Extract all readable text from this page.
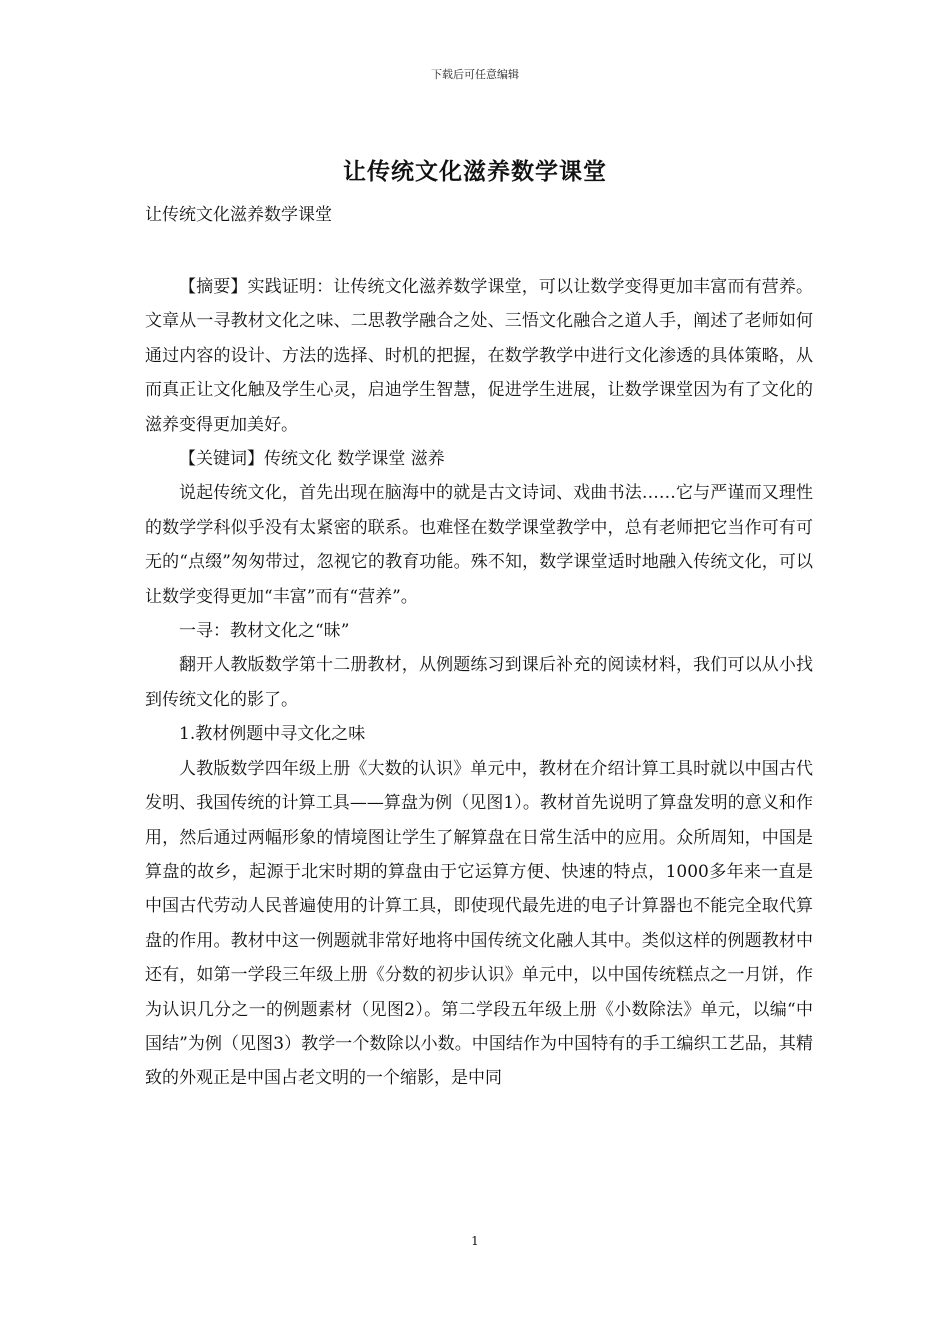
下载后可任意编辑
让传统文化滋养数学课堂
让传统文化滋养数学课堂

【摘要】实践证明：让传统文化滋养数学课堂，可以让数学变得更加丰富而有营养。文章从一寻教材文化之味、二思教学融合之处、三悟文化融合之道人手，阐述了老师如何通过内容的设计、方法的选择、时机的把握，在数学教学中进行文化渗透的具体策略，从而真正让文化触及学生心灵，启迪学生智慧，促进学生进展，让数学课堂因为有了文化的滋养变得更加美好。

【关键词】传统文化 数学课堂 滋养

说起传统文化，首先出现在脑海中的就是古文诗词、戏曲书法……它与严谨而又理性的数学学科似乎没有太紧密的联系。也难怪在数学课堂教学中，总有老师把它当作可有可无的“点缀”匆匆带过，忽视它的教育功能。殊不知，数学课堂适时地融入传统文化，可以让数学变得更加“丰富”而有“营养”。

一寻：教材文化之“昧”

翻开人教版数学第十二册教材，从例题练习到课后补充的阅读材料，我们可以从小找到传统文化的影了。

1.教材例题中寻文化之味

人教版数学四年级上册《大数的认识》单元中，教材在介绍计算工具时就以中国古代发明、我国传统的计算工具——算盘为例（见图1）。教材首先说明了算盘发明的意义和作用，然后通过两幅形象的情境图让学生了解算盘在日常生活中的应用。众所周知，中国是算盘的故乡，起源于北宋时期的算盘由于它运算方便、快速的特点，1000多年来一直是中国古代劳动人民普遍使用的计算工具，即使现代最先进的电子计算器也不能完全取代算盘的作用。教材中这一例题就非常好地将中国传统文化融人其中。类似这样的例题教材中还有，如第一学段三年级上册《分数的初步认识》单元中，以中国传统糕点之一月饼，作为认识几分之一的例题素材（见图2）。第二学段五年级上册《小数除法》单元，以编“中国结”为例（见图3）教学一个数除以小数。中国结作为中国特有的手工编织工艺品，其精致的外观正是中国占老文明的一个缩影，是中同

1
